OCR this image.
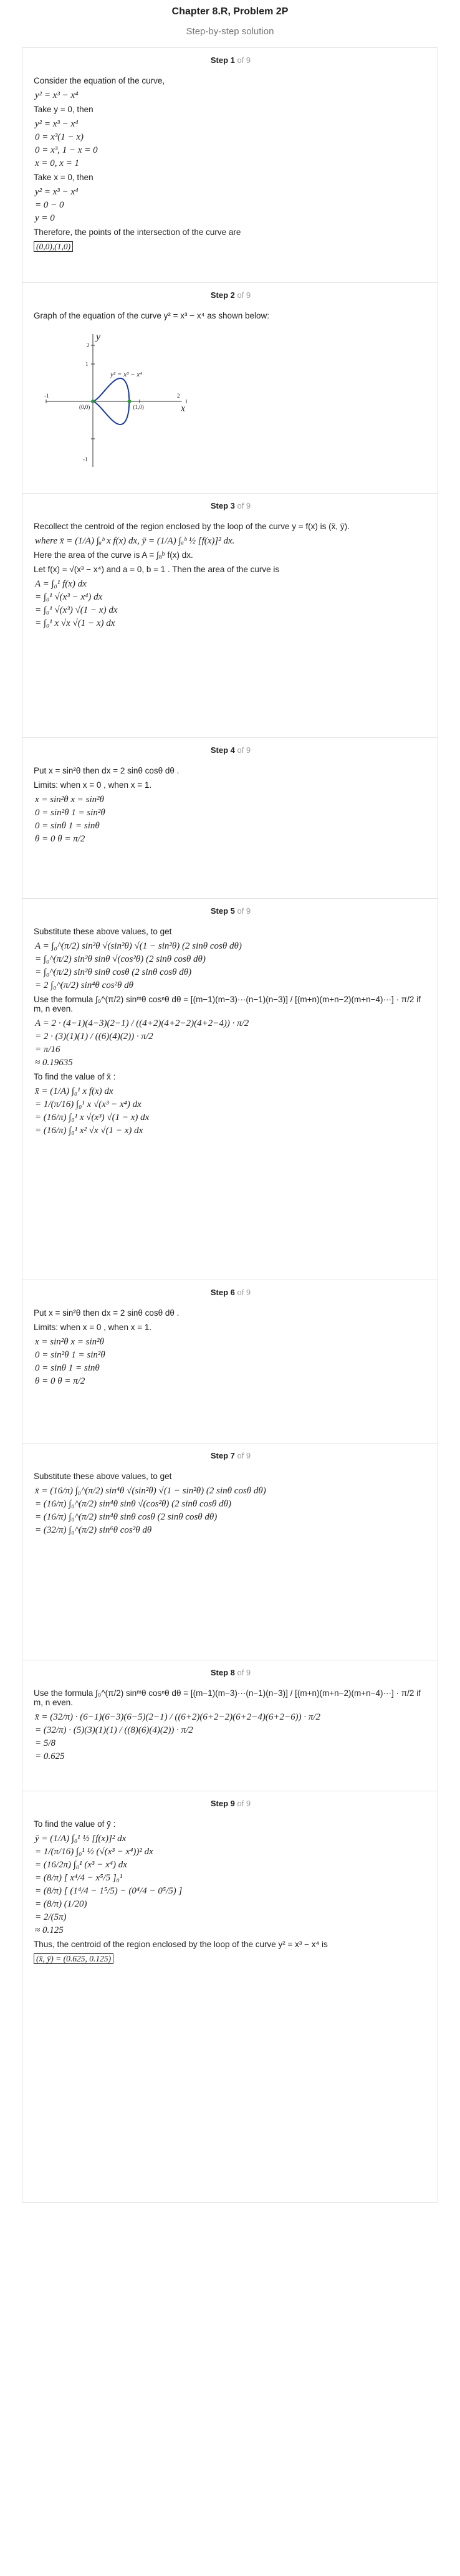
Chapter 8.R, Problem 2P
Step-by-step solution
Step 1 of 9
Consider the equation of the curve,
y² = x³ − x⁴
Take y = 0, then
y² = x³ − x⁴
0 = x³(1 − x)
0 = x³, 1 − x = 0
x = 0, x = 1
Take x = 0, then
y² = x³ − x⁴
= 0 − 0
y = 0
Therefore, the points of the intersection of the curve are
(0,0),(1,0)
Step 2 of 9
Graph of the equation of the curve y² = x³ − x⁴ as shown below:
y
x
y² = x³ − x⁴
2
1
-1
-1	2
(0,0)	(1,0)
Step 3 of 9
Recollect the centroid of the region enclosed by the loop of the curve y = f(x) is (x̄, ȳ).
where x̄ = (1/A) ∫ₐᵇ x f(x) dx, ȳ = (1/A) ∫ₐᵇ ½ [f(x)]² dx.
Here the area of the curve is A = ∫ₐᵇ f(x) dx.
Let f(x) = √(x³ − x⁴) and a = 0, b = 1 . Then the area of the curve is
A = ∫₀¹ f(x) dx
= ∫₀¹ √(x³ − x⁴) dx
= ∫₀¹ √(x³) √(1 − x) dx
= ∫₀¹ x √x √(1 − x) dx
Step 4 of 9
Put x = sin²θ then dx = 2 sinθ cosθ dθ .
Limits: when x = 0 , when x = 1.
x = sin²θ x = sin²θ
0 = sin²θ 1 = sin²θ
0 = sinθ 1 = sinθ
θ = 0 θ = π/2
Step 5 of 9
Substitute these above values, to get
A = ∫₀^(π/2) sin²θ √(sin²θ) √(1 − sin²θ) (2 sinθ cosθ dθ)
= ∫₀^(π/2) sin²θ sinθ √(cos²θ) (2 sinθ cosθ dθ)
= ∫₀^(π/2) sin²θ sinθ cosθ (2 sinθ cosθ dθ)
= 2 ∫₀^(π/2) sin⁴θ cos²θ dθ
Use the formula ∫₀^(π/2) sinᵐθ cosⁿθ dθ = [(m−1)(m−3)···(n−1)(n−3)] / [(m+n)(m+n−2)(m+n−4)···] · π/2 if m, n even.
A = 2 · (4−1)(4−3)(2−1) / ((4+2)(4+2−2)(4+2−4)) · π/2
= 2 · (3)(1)(1) / ((6)(4)(2)) · π/2
= π/16
≈ 0.19635
To find the value of x̄ :
x̄ = (1/A) ∫₀¹ x f(x) dx
= 1/(π/16) ∫₀¹ x √(x³ − x⁴) dx
= (16/π) ∫₀¹ x √(x³) √(1 − x) dx
= (16/π) ∫₀¹ x² √x √(1 − x) dx
Step 6 of 9
Put x = sin²θ then dx = 2 sinθ cosθ dθ .
Limits: when x = 0 , when x = 1.
x = sin²θ x = sin²θ
0 = sin²θ 1 = sin²θ
0 = sinθ 1 = sinθ
θ = 0 θ = π/2
Step 7 of 9
Substitute these above values, to get
x̄ = (16/π) ∫₀^(π/2) sin⁴θ √(sin²θ) √(1 − sin²θ) (2 sinθ cosθ dθ)
= (16/π) ∫₀^(π/2) sin⁴θ sinθ √(cos²θ) (2 sinθ cosθ dθ)
= (16/π) ∫₀^(π/2) sin⁴θ sinθ cosθ (2 sinθ cosθ dθ)
= (32/π) ∫₀^(π/2) sin⁶θ cos²θ dθ
Step 8 of 9
Use the formula ∫₀^(π/2) sinᵐθ cosⁿθ dθ = [(m−1)(m−3)···(n−1)(n−3)] / [(m+n)(m+n−2)(m+n−4)···] · π/2 if m, n even.
x̄ = (32/π) · (6−1)(6−3)(6−5)(2−1) / ((6+2)(6+2−2)(6+2−4)(6+2−6)) · π/2
= (32/π) · (5)(3)(1)(1) / ((8)(6)(4)(2)) · π/2
= 5/8
= 0.625
Step 9 of 9
To find the value of ȳ :
ȳ = (1/A) ∫₀¹ ½ [f(x)]² dx
= 1/(π/16) ∫₀¹ ½ (√(x³ − x⁴))² dx
= (16/2π) ∫₀¹ (x³ − x⁴) dx
= (8/π) [ x⁴/4 − x⁵/5 ]₀¹
= (8/π) [ (1⁴/4 − 1⁵/5) − (0⁴/4 − 0⁵/5) ]
= (8/π) (1/20)
= 2/(5π)
≈ 0.125
Thus, the centroid of the region enclosed by the loop of the curve y² = x³ − x⁴ is
(x̄, ȳ) = (0.625, 0.125)
